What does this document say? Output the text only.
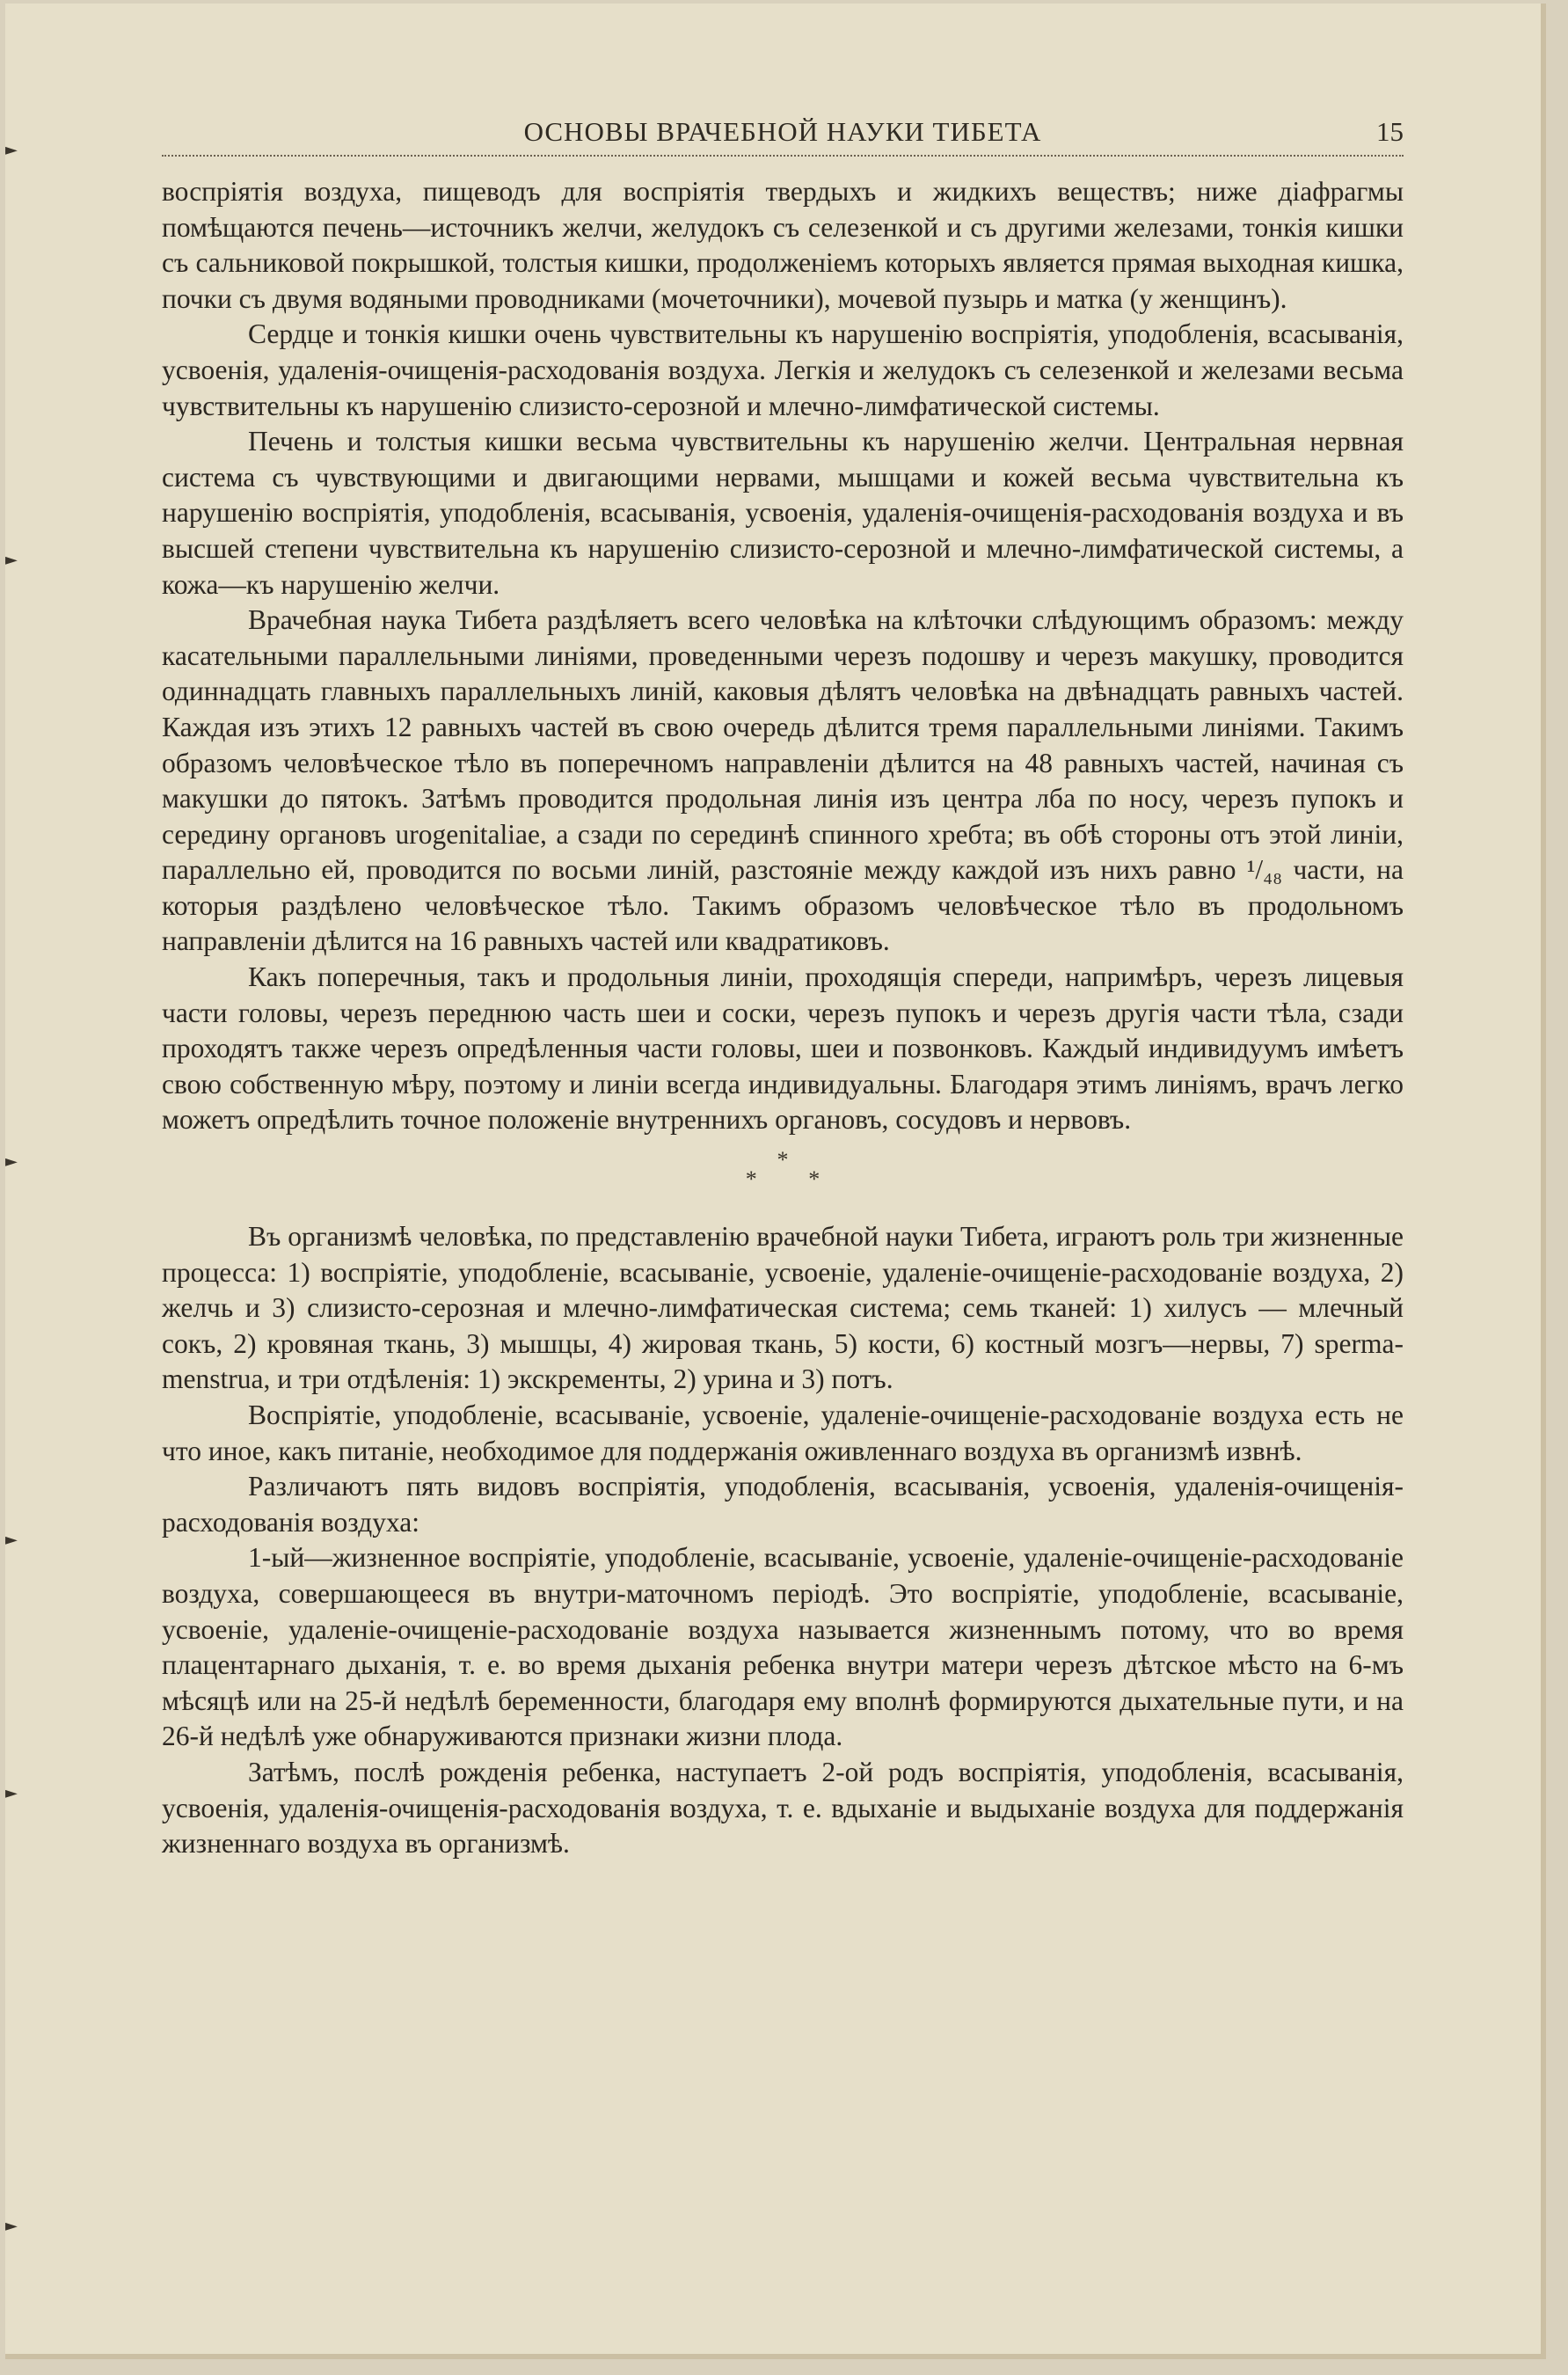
►
►
►
►
►
►
ОСНОВЫ ВРАЧЕБНОЙ НАУКИ ТИБЕТА	15

воспріятія воздуха, пищеводъ для воспріятія твердыхъ и жидкихъ веществъ; ниже діафрагмы помѣщаются печень—источникъ желчи, желудокъ съ селезенкой и съ другими железами, тонкія кишки съ сальниковой покрышкой, толстыя кишки, продолженіемъ которыхъ является прямая выходная кишка, почки съ двумя водяными проводниками (мочеточники), мочевой пузырь и матка (у женщинъ).

Сердце и тонкія кишки очень чувствительны къ нарушенію воспріятія, уподобленія, всасыванія, усвоенія, удаленія-очищенія-расходованія воздуха. Легкія и желудокъ съ селезенкой и железами весьма чувствительны къ нарушенію слизисто-серозной и млечно-лимфатической системы.

Печень и толстыя кишки весьма чувствительны къ нарушенію желчи. Центральная нервная система съ чувствующими и двигающими нервами, мышцами и кожей весьма чувствительна къ нарушенію воспріятія, уподобленія, всасыванія, усвоенія, удаленія-очищенія-расходованія воздуха и въ высшей степени чувствительна къ нарушенію слизисто-серозной и млечно-лимфатической системы, а кожа—къ нарушенію желчи.

Врачебная наука Тибета раздѣляетъ всего человѣка на клѣточки слѣдующимъ образомъ: между касательными параллельными линіями, проведенными черезъ подошву и черезъ макушку, проводится одиннадцать главныхъ параллельныхъ линій, каковыя дѣлятъ человѣка на двѣнадцать равныхъ частей. Каждая изъ этихъ 12 равныхъ частей въ свою очередь дѣлится тремя параллельными линіями. Такимъ образомъ человѣческое тѣло въ поперечномъ направленіи дѣлится на 48 равныхъ частей, начиная съ макушки до пятокъ. Затѣмъ проводится продольная линія изъ центра лба по носу, черезъ пупокъ и середину органовъ urogenitaliae, а сзади по серединѣ спинного хребта; въ обѣ стороны отъ этой линіи, параллельно ей, проводится по восьми линій, разстояніе между каждой изъ нихъ равно ¹/₄₈ части, на которыя раздѣлено человѣческое тѣло. Такимъ образомъ человѣческое тѣло въ продольномъ направленіи дѣлится на 16 равныхъ частей или квадратиковъ.

Какъ поперечныя, такъ и продольныя линіи, проходящія спереди, напримѣръ, черезъ лицевыя части головы, черезъ переднюю часть шеи и соски, черезъ пупокъ и черезъ другія части тѣла, сзади проходятъ также черезъ опредѣленныя части головы, шеи и позвонковъ. Каждый индивидуумъ имѣетъ свою собственную мѣру, поэтому и линіи всегда индивидуальны. Благодаря этимъ линіямъ, врачъ легко можетъ опредѣлить точное положеніе внутреннихъ органовъ, сосудовъ и нервовъ.

*
* *

Въ организмѣ человѣка, по представленію врачебной науки Тибета, играютъ роль три жизненные процесса: 1) воспріятіе, уподобленіе, всасываніе, усвоеніе, удаленіе-очищеніе-расходованіе воздуха, 2) желчь и 3) слизисто-серозная и млечно-лимфатическая система; семь тканей: 1) хилусъ — млечный сокъ, 2) кровяная ткань, 3) мышцы, 4) жировая ткань, 5) кости, 6) костный мозгъ—нервы, 7) sperma-menstrua, и три отдѣленія: 1) экскременты, 2) урина и 3) потъ.

Воспріятіе, уподобленіе, всасываніе, усвоеніе, удаленіе-очищеніе-расходованіе воздуха есть не что иное, какъ питаніе, необходимое для поддержанія оживленнаго воздуха въ организмѣ извнѣ.

Различаютъ пять видовъ воспріятія, уподобленія, всасыванія, усвоенія, удаленія-очищенія-расходованія воздуха:

1-ый—жизненное воспріятіе, уподобленіе, всасываніе, усвоеніе, удаленіе-очищеніе-расходованіе воздуха, совершающееся въ внутри-маточномъ періодѣ. Это воспріятіе, уподобленіе, всасываніе, усвоеніе, удаленіе-очищеніе-расходованіе воздуха называется жизненнымъ потому, что во время плацентарнаго дыханія, т. е. во время дыханія ребенка внутри матери черезъ дѣтское мѣсто на 6-мъ мѣсяцѣ или на 25-й недѣлѣ беременности, благодаря ему вполнѣ формируются дыхательные пути, и на 26-й недѣлѣ уже обнаруживаются признаки жизни плода.

Затѣмъ, послѣ рожденія ребенка, наступаетъ 2-ой родъ воспріятія, уподобленія, всасыванія, усвоенія, удаленія-очищенія-расходованія воздуха, т. е. вдыханіе и выдыханіе воздуха для поддержанія жизненнаго воздуха въ организмѣ.
